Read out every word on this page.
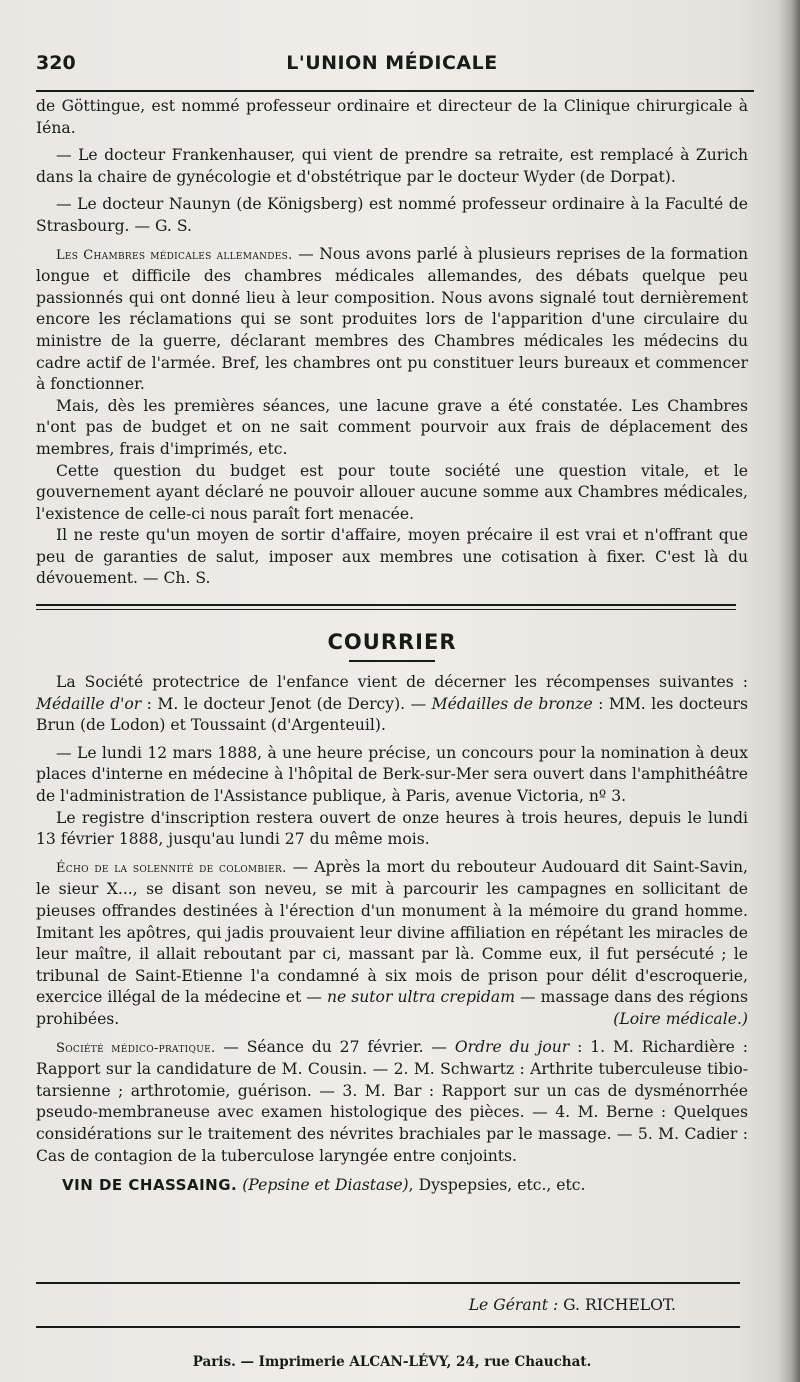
L'UNION MÉDICALE
320

de Göttingue, est nommé professeur ordinaire et directeur de la Clinique chirurgicale à Iéna.

— Le docteur Frankenhauser, qui vient de prendre sa retraite, est remplacé à Zurich dans la chaire de gynécologie et d'obstétrique par le docteur Wyder (de Dorpat).

— Le docteur Naunyn (de Königsberg) est nommé professeur ordinaire à la Faculté de Strasbourg. — G. S.

Les Chambres médicales allemandes. — Nous avons parlé à plusieurs reprises de la formation longue et difficile des chambres médicales allemandes, des débats quelque peu passionnés qui ont donné lieu à leur composition. Nous avons signalé tout dernièrement encore les réclamations qui se sont produites lors de l'apparition d'une circulaire du ministre de la guerre, déclarant membres des Chambres médicales les médecins du cadre actif de l'armée. Bref, les chambres ont pu constituer leurs bureaux et commencer à fonctionner.

Mais, dès les premières séances, une lacune grave a été constatée. Les Chambres n'ont pas de budget et on ne sait comment pourvoir aux frais de déplacement des membres, frais d'imprimés, etc.

Cette question du budget est pour toute société une question vitale, et le gouvernement ayant déclaré ne pouvoir allouer aucune somme aux Chambres médicales, l'existence de celle-ci nous paraît fort menacée.

Il ne reste qu'un moyen de sortir d'affaire, moyen précaire il est vrai et n'offrant que peu de garanties de salut, imposer aux membres une cotisation à fixer. C'est là du dévouement. — Ch. S.

COURRIER

La Société protectrice de l'enfance vient de décerner les récompenses suivantes : Médaille d'or : M. le docteur Jenot (de Dercy). — Médailles de bronze : MM. les docteurs Brun (de Lodon) et Toussaint (d'Argenteuil).

— Le lundi 12 mars 1888, à une heure précise, un concours pour la nomination à deux places d'interne en médecine à l'hôpital de Berk-sur-Mer sera ouvert dans l'amphithéâtre de l'administration de l'Assistance publique, à Paris, avenue Victoria, nº 3.

Le registre d'inscription restera ouvert de onze heures à trois heures, depuis le lundi 13 février 1888, jusqu'au lundi 27 du même mois.

Écho de la solennité de colombier. — Après la mort du rebouteur Audouard dit Saint-Savin, le sieur X..., se disant son neveu, se mit à parcourir les campagnes en sollicitant de pieuses offrandes destinées à l'érection d'un monument à la mémoire du grand homme. Imitant les apôtres, qui jadis prouvaient leur divine affiliation en répétant les miracles de leur maître, il allait reboutant par ci, massant par là. Comme eux, il fut persécuté ; le tribunal de Saint-Etienne l'a condamné à six mois de prison pour délit d'escroquerie, exercice illégal de la médecine et — ne sutor ultra crepidam — massage dans des régions prohibées.	(Loire médicale.)

Société médico-pratique. — Séance du 27 février. — Ordre du jour : 1. M. Richardière : Rapport sur la candidature de M. Cousin. — 2. M. Schwartz : Arthrite tuberculeuse tibio-tarsienne ; arthrotomie, guérison. — 3. M. Bar : Rapport sur un cas de dysménorrhée pseudo-membraneuse avec examen histologique des pièces. — 4. M. Berne : Quelques considérations sur le traitement des névrites brachiales par le massage. — 5. M. Cadier : Cas de contagion de la tuberculose laryngée entre conjoints.

VIN DE CHASSAING. (Pepsine et Diastase), Dyspepsies, etc., etc.
Le Gérant : G. RICHELOT.
Paris. — Imprimerie ALCAN-LÉVY, 24, rue Chauchat.
